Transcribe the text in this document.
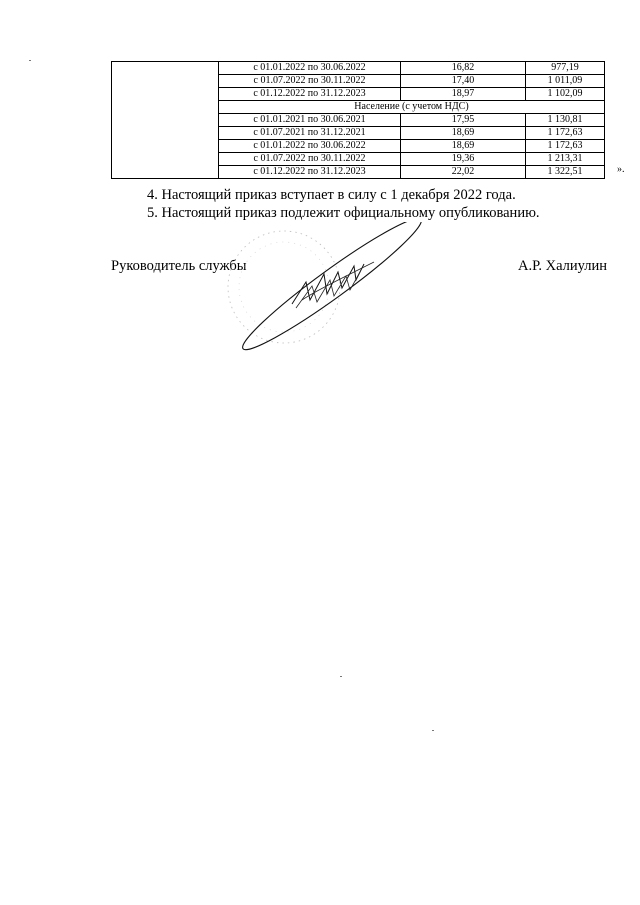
	с 01.01.2022 по 30.06.2022	16,82	977,19
	с 01.07.2022 по 30.11.2022	17,40	1 011,09
	с 01.12.2022 по 31.12.2023	18,97	1 102,09
	Население (с учетом НДС)		
	с 01.01.2021 по 30.06.2021	17,95	1 130,81
	с 01.07.2021 по 31.12.2021	18,69	1 172,63
	с 01.01.2022 по 30.06.2022	18,69	1 172,63
	с 01.07.2022 по 30.11.2022	19,36	1 213,31
	с 01.12.2022 по 31.12.2023	22,02	1 322,51	».
4. Настоящий приказ вступает в силу с 1 декабря 2022 года.
5. Настоящий приказ подлежит официальному опубликованию.
Руководитель службы	А.Р. Халиулин
